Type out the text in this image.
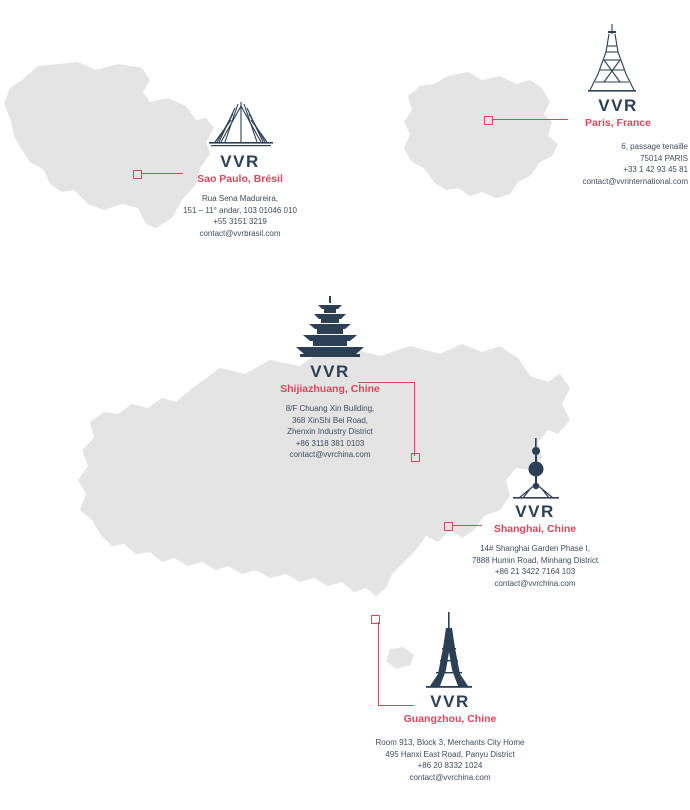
VVR
Sao Paulo, Brésil
Rua Sena Madureira,
151 – 11° andar, 103 01046 010
+55 3151 3219
contact@vvrbrasil.com
VVR
Paris, France
6, passage tenaille
75014 PARIS
+33 1 42 93 45 81
contact@vvrinternational.com
VVR
Shijiazhuang, Chine
8/F Chuang Xin Building,
368 XinShi Bei Road,
Zhenxin Industry District
+86 3118 381 0103
contact@vvrchina.com
VVR
Shanghai, Chine
14# Shanghai Garden Phase I,
7888 Humin Road, Minhang District
+86 21 3422 7164 103
contact@vvrchina.com
VVR
Guangzhou, Chine
Room 913, Block 3, Merchants City Home
495 Hanxi East Road, Panyu District
+86 20 8332 1024
contact@vvrchina.com
